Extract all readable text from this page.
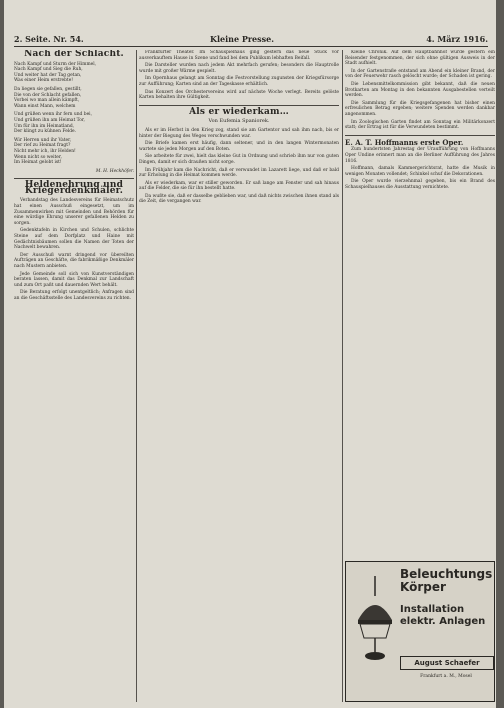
2. Seite. Nr. 54.	Kleine Presse.	4. März 1916.
Nach der Schlacht.

Nach Kampf und Sturm der Himmel,

Nach Kampf und Sieg die Ruh,

Und weiter hat der Tag getan,

Was einer Heim erstrebte!

Da liegen sie gefallen, gestillt,

Die von der Schlacht gefallen,

Vorbei wo man allein kämpft,

Wann einst Mann, welchem

Und grüßen wenn ihr fern und bei,

Und grüßen ihn am Heimat Tor,

Um für ihn im Heimatland,

Der klingt zu kühnen Felde.

Wir Herren und ihr Vater,

Der rief zu Heimat fragt?

Nicht mehr ich, ihr Helden!

Wenn nicht so weiter,

Im Heimat gelobt ist!

M. H. Heckhöfer.
Heldenehrung und Kriegerdenkmäler.

Verbandstag des Landesvereins für Heimatschutz hat einen Ausschuß eingesetzt, um im Zusammenwirken mit Gemeinden und Behörden für eine würdige Ehrung unserer gefallenen Helden zu sorgen.

Gedenktafeln in Kirchen und Schulen, schlichte Steine auf dem Dorfplatz und Haine mit Gedächtnisbäumen sollen die Namen der Toten der Nachwelt bewahren.

Der Ausschuß warnt dringend vor übereilten Aufträgen an Geschäfte, die fabrikmäßige Denkmäler nach Mustern anbieten.

Jede Gemeinde soll sich von Kunstverständigen beraten lassen, damit das Denkmal zur Landschaft und zum Ort paßt und dauernden Wert behält.

Die Beratung erfolgt unentgeltlich; Anfragen sind an die Geschäftsstelle des Landesvereins zu richten.

Frankfurter Theater. Im Schauspielhaus ging gestern das neue Stück vor ausverkauftem Hause in Szene und fand bei dem Publikum lebhaften Beifall.

Die Darsteller wurden nach jedem Akt mehrfach gerufen; besonders die Hauptrolle wurde mit großer Wärme gespielt.

Im Opernhaus gelangt am Sonntag die Festvorstellung zugunsten der Kriegsfürsorge zur Aufführung; Karten sind an der Tageskasse erhältlich.

Das Konzert des Orchestervereins wird auf nächste Woche verlegt. Bereits gelöste Karten behalten ihre Gültigkeit.

Als er wiederkam…
Von Eufemia Spaniorek.

Als er im Herbst in den Krieg zog, stand sie am Gartentor und sah ihm nach, bis er hinter der Biegung des Weges verschwunden war.

Die Briefe kamen erst häufig, dann seltener, und in den langen Wintermonaten wartete sie jeden Morgen auf den Boten.

Sie arbeitete für zwei, hielt das kleine Gut in Ordnung und schrieb ihm nur von guten Dingen, damit er sich draußen nicht sorge.

Im Frühjahr kam die Nachricht, daß er verwundet im Lazarett liege, und daß er bald zur Erholung in die Heimat kommen werde.

Als er wiederkam, war er stiller geworden. Er saß lange am Fenster und sah hinaus auf die Felder, die sie für ihn bestellt hatte.

Da wußte sie, daß er dasselbe geblieben war, und daß nichts zwischen ihnen stand als die Zeit, die vergangen war.

Kleine Chronik. Auf dem Hauptbahnhof wurde gestern ein Reisender festgenommen, der sich ohne gültigen Ausweis in der Stadt aufhielt.

In der Gartenstraße entstand am Abend ein kleiner Brand, der von der Feuerwehr rasch gelöscht wurde; der Schaden ist gering.

Die Lebensmittelkommission gibt bekannt, daß die neuen Brotkarten am Montag in den bekannten Ausgabestellen verteilt werden.

Die Sammlung für die Kriegsgefangenen hat bisher einen erfreulichen Betrag ergeben; weitere Spenden werden dankbar angenommen.

Im Zoologischen Garten findet am Sonntag ein Militärkonzert statt; der Ertrag ist für die Verwundeten bestimmt.

E. A. T. Hoffmanns erste Oper.

Zum hundertsten Jahrestag der Uraufführung von Hoffmanns Oper Undine erinnert man an die Berliner Aufführung des Jahres 1816.

Hoffmann, damals Kammergerichtsrat, hatte die Musik in wenigen Monaten vollendet; Schinkel schuf die Dekorationen.

Die Oper wurde vierzehnmal gegeben, bis ein Brand des Schauspielhauses die Ausstattung vernichtete.

Beleuchtungs
Körper
Installation
elektr. Anlagen
August Schaefer
Frankfurt a. M., Mosel
